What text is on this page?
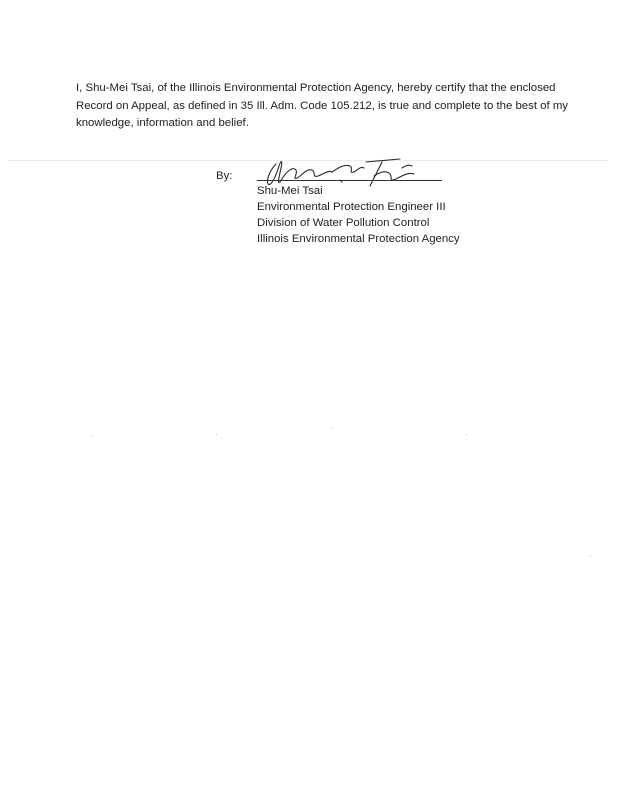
I, Shu-Mei Tsai, of the Illinois Environmental Protection Agency, hereby certify that the enclosed Record on Appeal, as defined in 35 Ill. Adm. Code 105.212, is true and complete to the best of my knowledge, information and belief.

By:
Shu-Mei Tsai
Environmental Protection Engineer III
Division of Water Pollution Control
Illinois Environmental Protection Agency
